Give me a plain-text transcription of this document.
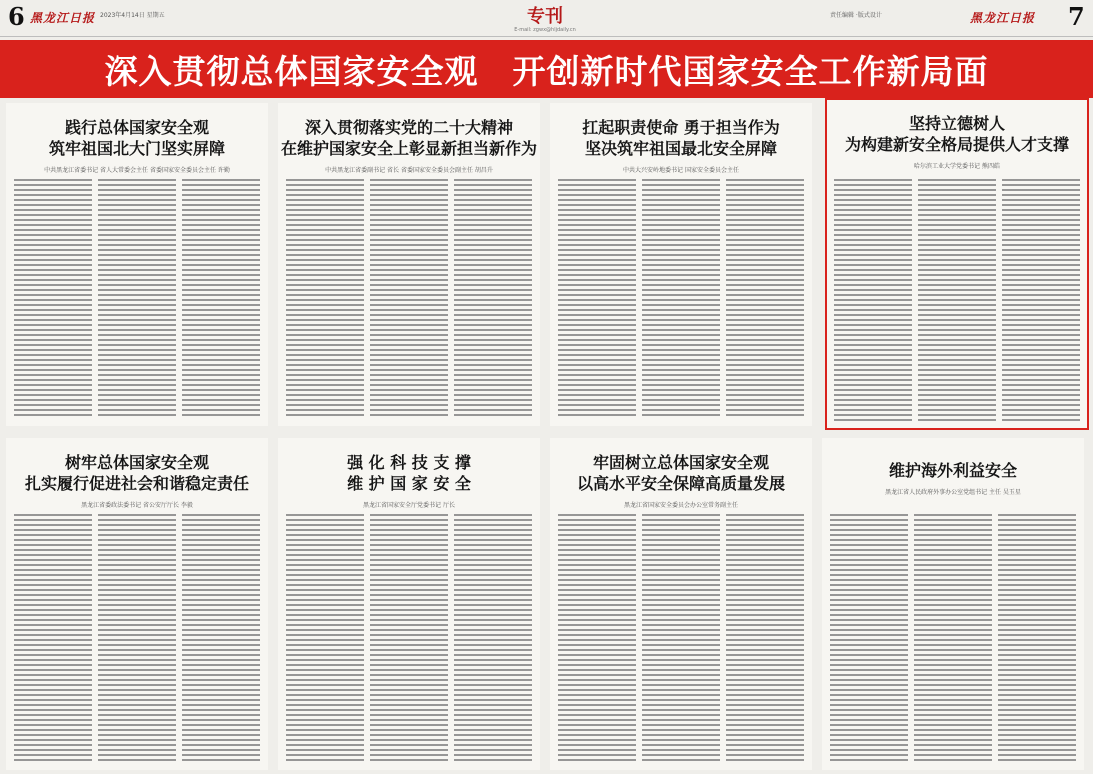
6 黑龙江日报 2023年4月14日 星期五	专刊
E-mail: zgwx@hljdaily.cn
责任编辑 ·版式设计	黑龙江日报 7
深入贯彻总体国家安全观　开创新时代国家安全工作新局面
践行总体国家安全观
筑牢祖国北大门坚实屏障
中共黑龙江省委书记 省人大常委会主任 省委国家安全委员会主任 许勤
深入贯彻落实党的二十大精神
在维护国家安全上彰显新担当新作为
中共黑龙江省委副书记 省长 省委国家安全委员会副主任 胡昌升
扛起职责使命 勇于担当作为
坚决筑牢祖国最北安全屏障
中共大兴安岭地委书记 国家安全委员会主任
坚持立德树人
为构建新安全格局提供人才支撑
哈尔滨工业大学党委书记 熊四皓
树牢总体国家安全观
扎实履行促进社会和谐稳定责任
黑龙江省委政法委书记 省公安厅厅长 李毅
强 化 科 技 支 撑
维 护 国 家 安 全
黑龙江省国家安全厅党委书记 厅长
牢固树立总体国家安全观
以高水平安全保障高质量发展
黑龙江省国家安全委员会办公室常务副主任
维护海外利益安全
黑龙江省人民政府外事办公室党组书记 主任 吴玉星
